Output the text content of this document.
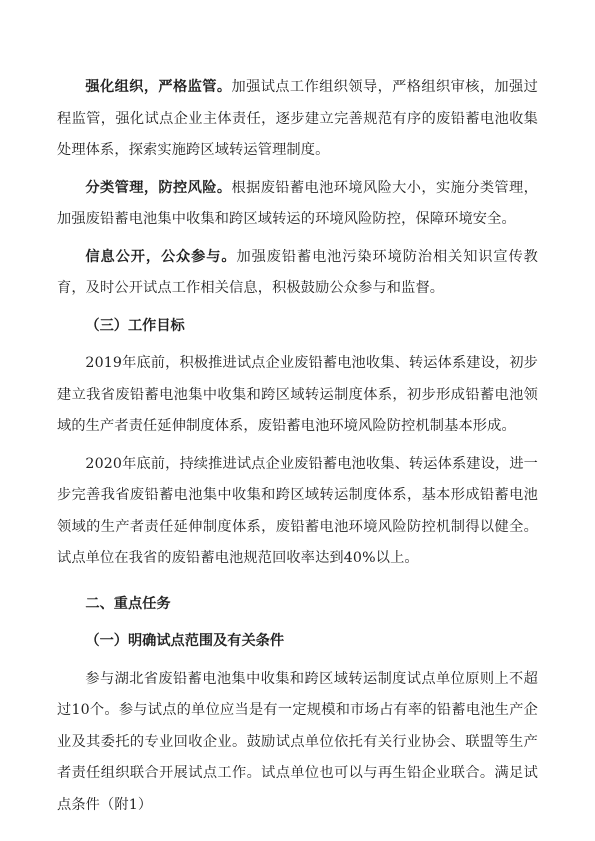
强化组织，严格监管。加强试点工作组织领导，严格组织审核，加强过程监管，强化试点企业主体责任，逐步建立完善规范有序的废铅蓄电池收集处理体系，探索实施跨区域转运管理制度。

分类管理，防控风险。根据废铅蓄电池环境风险大小，实施分类管理，加强废铅蓄电池集中收集和跨区域转运的环境风险防控，保障环境安全。

信息公开，公众参与。加强废铅蓄电池污染环境防治相关知识宣传教育，及时公开试点工作相关信息，积极鼓励公众参与和监督。

（三）工作目标

2019年底前，积极推进试点企业废铅蓄电池收集、转运体系建设，初步建立我省废铅蓄电池集中收集和跨区域转运制度体系，初步形成铅蓄电池领域的生产者责任延伸制度体系，废铅蓄电池环境风险防控机制基本形成。

2020年底前，持续推进试点企业废铅蓄电池收集、转运体系建设，进一步完善我省废铅蓄电池集中收集和跨区域转运制度体系，基本形成铅蓄电池领域的生产者责任延伸制度体系，废铅蓄电池环境风险防控机制得以健全。试点单位在我省的废铅蓄电池规范回收率达到40%以上。

二、重点任务

（一）明确试点范围及有关条件

参与湖北省废铅蓄电池集中收集和跨区域转运制度试点单位原则上不超过10个。参与试点的单位应当是有一定规模和市场占有率的铅蓄电池生产企业及其委托的专业回收企业。鼓励试点单位依托有关行业协会、联盟等生产者责任组织联合开展试点工作。试点单位也可以与再生铅企业联合。满足试点条件（附1）
